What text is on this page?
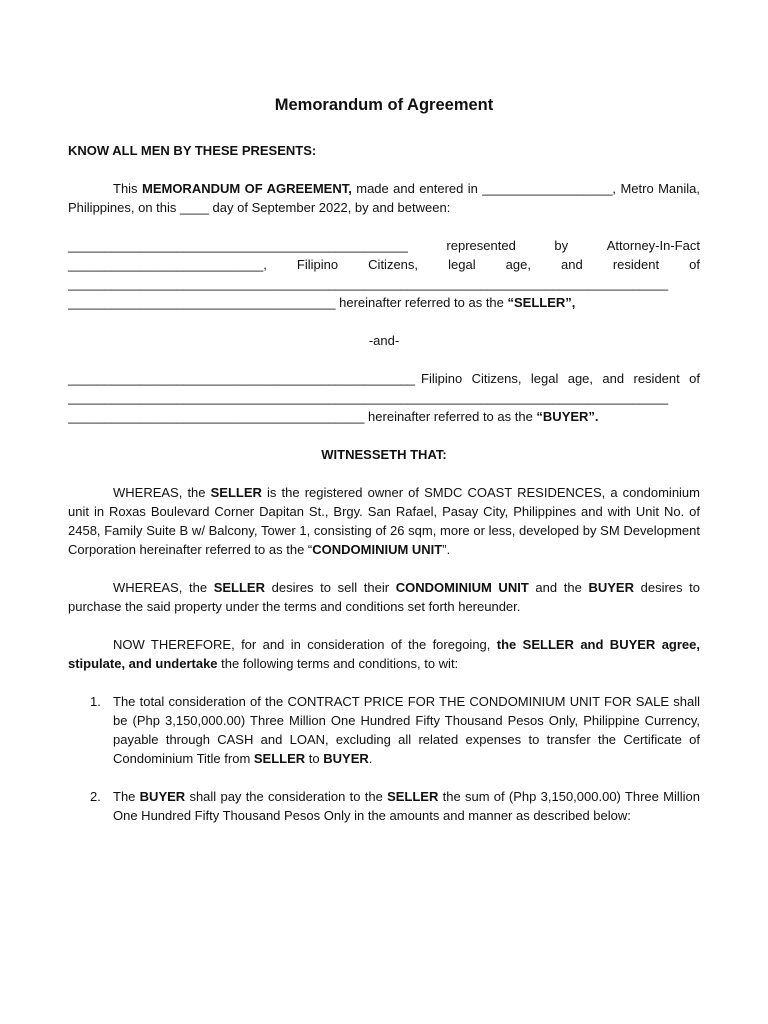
Memorandum of Agreement
KNOW ALL MEN BY THESE PRESENTS:

This MEMORANDUM OF AGREEMENT, made and entered in __________________, Metro Manila, Philippines, on this ____ day of September 2022, by and between:

_______________________________________________	represented	by	Attorney-In-Fact
___________________________, Filipino Citizens, legal age, and resident of
___________________________________________________________________________________
_____________________________________ hereinafter referred to as the “SELLER”,

-and-

________________________________________________ Filipino Citizens, legal age, and resident of
___________________________________________________________________________________
_________________________________________ hereinafter referred to as the “BUYER”.

WITNESSETH THAT:

WHEREAS, the SELLER is the registered owner of SMDC COAST RESIDENCES, a condominium unit in Roxas Boulevard Corner Dapitan St., Brgy. San Rafael, Pasay City, Philippines and with Unit No. of 2458, Family Suite B w/ Balcony, Tower 1, consisting of 26 sqm, more or less, developed by SM Development Corporation hereinafter referred to as the “CONDOMINIUM UNIT”.

WHEREAS, the SELLER desires to sell their CONDOMINIUM UNIT and the BUYER desires to purchase the said property under the terms and conditions set forth hereunder.

NOW THEREFORE, for and in consideration of the foregoing, the SELLER and BUYER agree, stipulate, and undertake the following terms and conditions, to wit:

1. The total consideration of the CONTRACT PRICE FOR THE CONDOMINIUM UNIT FOR SALE shall be (Php 3,150,000.00) Three Million One Hundred Fifty Thousand Pesos Only, Philippine Currency, payable through CASH and LOAN, excluding all related expenses to transfer the Certificate of Condominium Title from SELLER to BUYER.
2. The BUYER shall pay the consideration to the SELLER the sum of (Php 3,150,000.00) Three Million One Hundred Fifty Thousand Pesos Only in the amounts and manner as described below:
